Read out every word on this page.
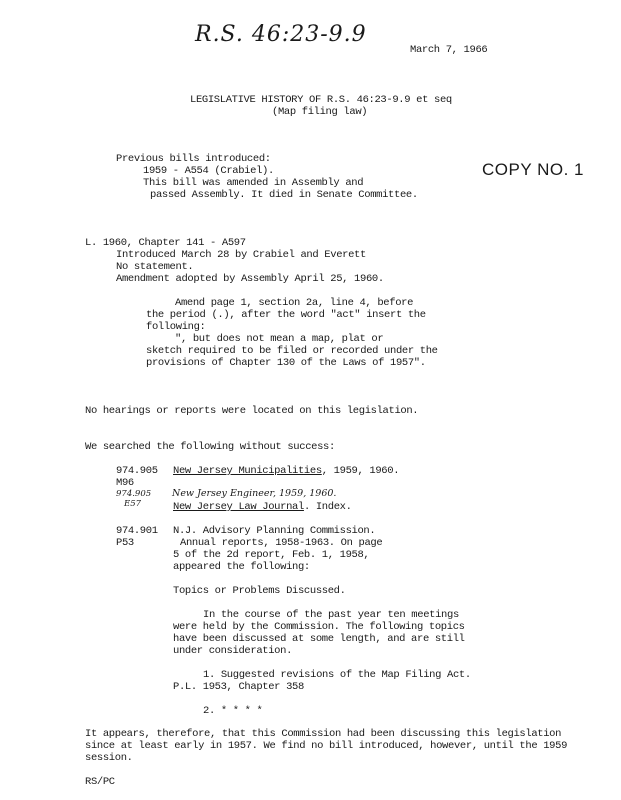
R.S. 46:23-9.9
March 7, 1966
LEGISLATIVE HISTORY OF R.S. 46:23-9.9 et seq
(Map filing law)
COPY NO. 1
Previous bills introduced:
1959 - A554 (Crabiel).
This bill was amended in Assembly and
passed Assembly. It died in Senate Committee.
L. 1960, Chapter 141 - A597
Introduced March 28 by Crabiel and Everett
No statement.
Amendment adopted by Assembly April 25, 1960.
Amend page 1, section 2a, line 4, before
the period (.), after the word "act" insert the
following:
", but does not mean a map, plat or
sketch required to be filed or recorded under the
provisions of Chapter 130 of the Laws of 1957".
No hearings or reports were located on this legislation.
We searched the following without success:
974.905
M96
New Jersey Municipalities, 1959, 1960.
974.905
E57
New Jersey Engineer, 1959, 1960.
New Jersey Law Journal. Index.
974.901
P53
N.J. Advisory Planning Commission.
Annual reports, 1958-1963. On page
5 of the 2d report, Feb. 1, 1958,
appeared the following:
Topics or Problems Discussed.
In the course of the past year ten meetings
were held by the Commission. The following topics
have been discussed at some length, and are still
under consideration.
1. Suggested revisions of the Map Filing Act.
P.L. 1953, Chapter 358
2. * * * *
It appears, therefore, that this Commission had been discussing this legislation
since at least early in 1957. We find no bill introduced, however, until the 1959
session.
RS/PC
